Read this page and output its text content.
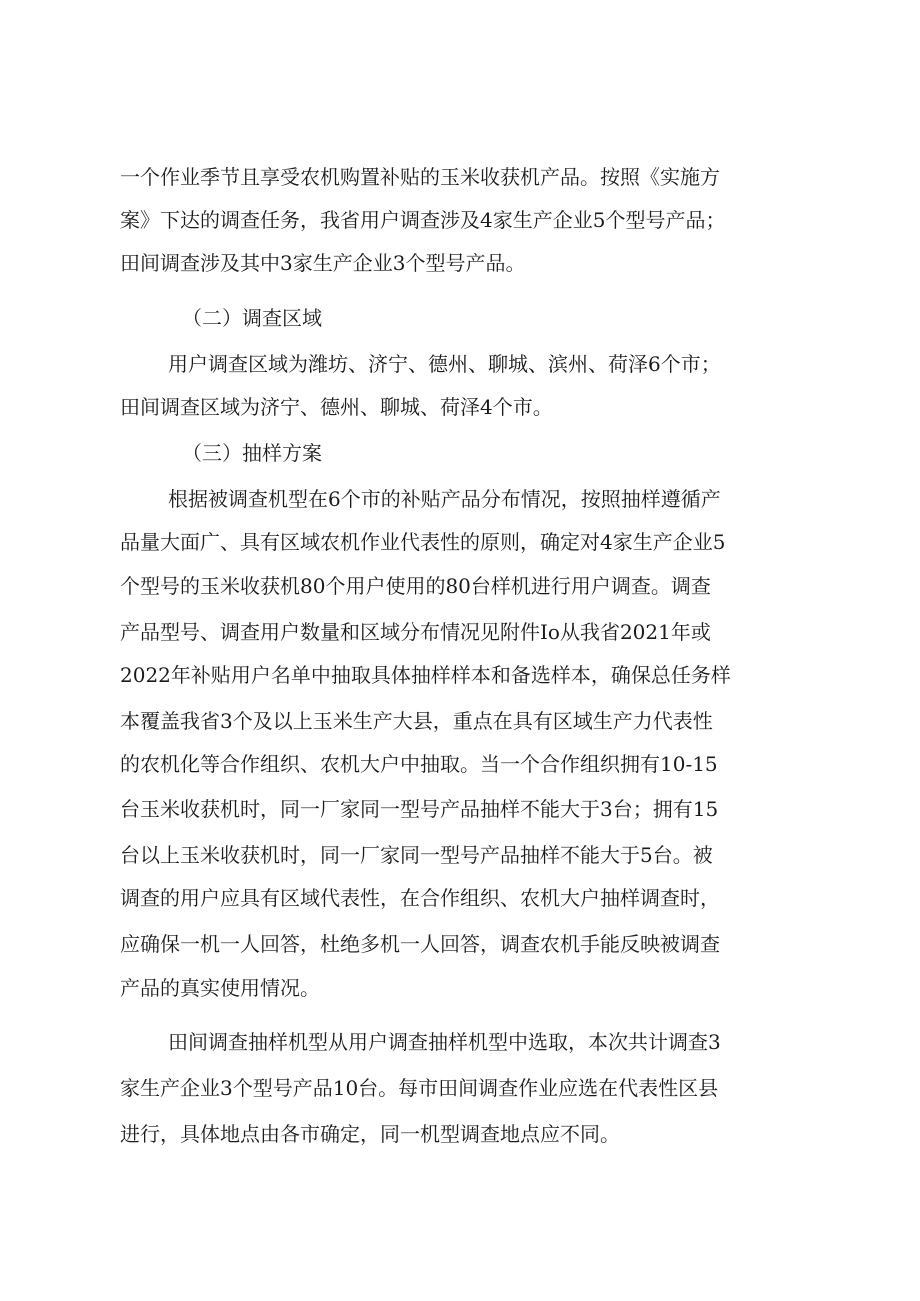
一个作业季节且享受农机购置补贴的玉米收获机产品。按照《实施方
案》下达的调查任务，我省用户调查涉及4家生产企业5个型号产品；
田间调查涉及其中3家生产企业3个型号产品。
（二）调查区域
用户调查区域为潍坊、济宁、德州、聊城、滨州、荷泽6个市；
田间调查区域为济宁、德州、聊城、荷泽4个市。
（三）抽样方案
根据被调查机型在6个市的补贴产品分布情况，按照抽样遵循产
品量大面广、具有区域农机作业代表性的原则，确定对4家生产企业5
个型号的玉米收获机80个用户使用的80台样机进行用户调查。调查
产品型号、调查用户数量和区域分布情况见附件Io从我省2021年或
2022年补贴用户名单中抽取具体抽样样本和备选样本，确保总任务样
本覆盖我省3个及以上玉米生产大县，重点在具有区域生产力代表性
的农机化等合作组织、农机大户中抽取。当一个合作组织拥有10-15
台玉米收获机时，同一厂家同一型号产品抽样不能大于3台；拥有15
台以上玉米收获机时，同一厂家同一型号产品抽样不能大于5台。被
调查的用户应具有区域代表性，在合作组织、农机大户抽样调查时，
应确保一机一人回答，杜绝多机一人回答，调查农机手能反映被调查
产品的真实使用情况。
田间调查抽样机型从用户调查抽样机型中选取，本次共计调查3
家生产企业3个型号产品10台。每市田间调查作业应选在代表性区县
进行，具体地点由各市确定，同一机型调查地点应不同。
